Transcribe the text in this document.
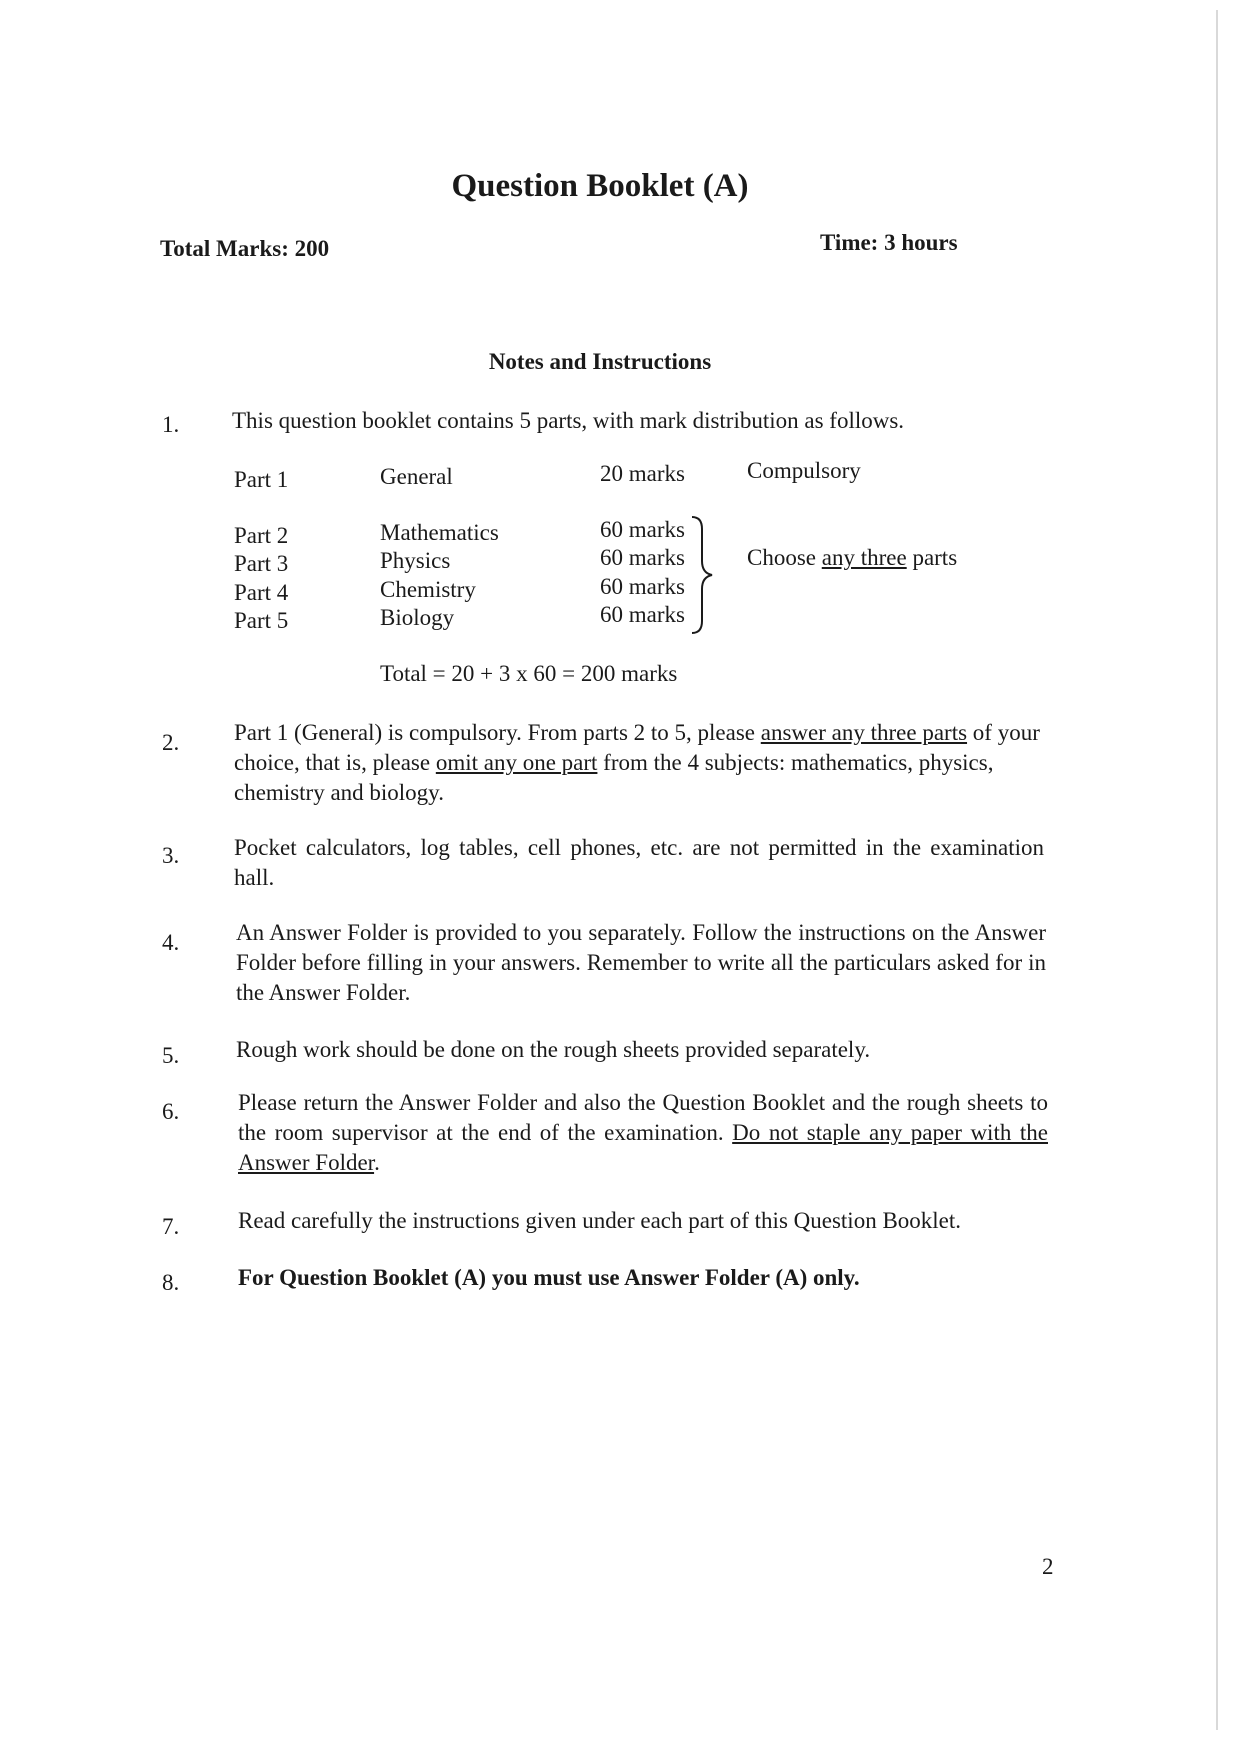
Question Booklet (A)
Total Marks: 200	Time: 3 hours
Notes and Instructions
1. This question booklet contains 5 parts, with mark distribution as follows.
Part 1	General	20 marks	Compulsory
Part 2	Mathematics	60 marks
Part 3	Physics	60 marks
Part 4	Chemistry	60 marks
Part 5	Biology	60 marks
Choose any three parts
Total = 20 + 3 x 60 = 200 marks
2. Part 1 (General) is compulsory. From parts 2 to 5, please answer any three parts of your choice, that is, please omit any one part from the 4 subjects: mathematics, physics, chemistry and biology.
3. Pocket calculators, log tables, cell phones, etc. are not permitted in the examination hall.
4. An Answer Folder is provided to you separately. Follow the instructions on the Answer Folder before filling in your answers. Remember to write all the particulars asked for in the Answer Folder.
5. Rough work should be done on the rough sheets provided separately.
6.	Please return the Answer Folder and also the Question Booklet and the rough sheets to the room supervisor at the end of the examination. Do not staple any paper with the Answer Folder.
7.	Read carefully the instructions given under each part of this Question Booklet.
8.	For Question Booklet (A) you must use Answer Folder (A) only.
2
